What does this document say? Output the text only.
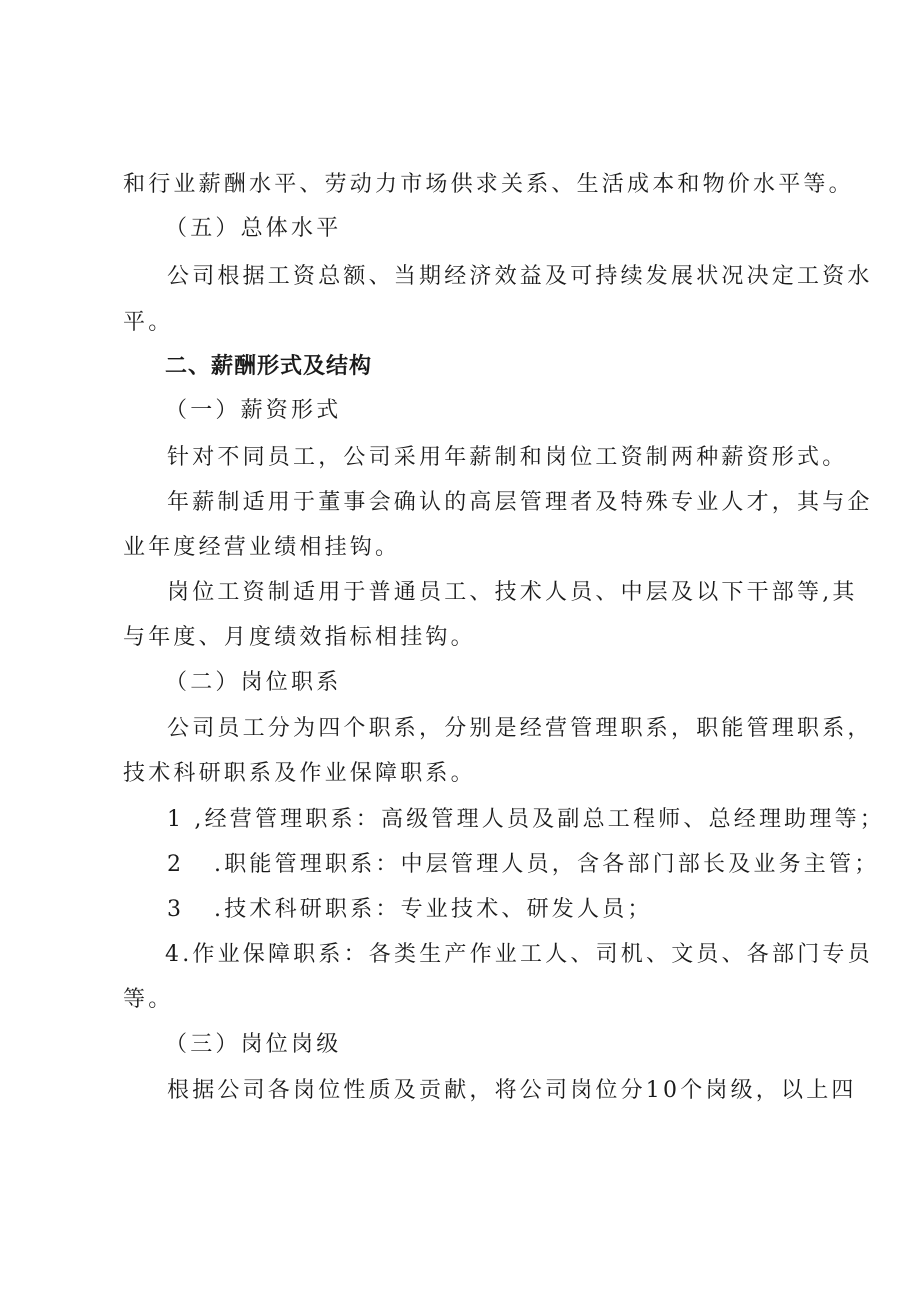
和行业薪酬水平、劳动力市场供求关系、生活成本和物价水平等。
（五）总体水平
公司根据工资总额、当期经济效益及可持续发展状况决定工资水
平。
二、薪酬形式及结构
（一）薪资形式
针对不同员工，公司采用年薪制和岗位工资制两种薪资形式。
年薪制适用于董事会确认的高层管理者及特殊专业人才，其与企
业年度经营业绩相挂钩。
岗位工资制适用于普通员工、技术人员、中层及以下干部等,其
与年度、月度绩效指标相挂钩。
（二）岗位职系
公司员工分为四个职系，分别是经营管理职系，职能管理职系，
技术科研职系及作业保障职系。
1 ,经营管理职系：高级管理人员及副总工程师、总经理助理等；
2 .职能管理职系：中层管理人员，含各部门部长及业务主管；
3 .技术科研职系：专业技术、研发人员；
4.作业保障职系：各类生产作业工人、司机、文员、各部门专员
等。
（三）岗位岗级
根据公司各岗位性质及贡献，将公司岗位分10个岗级，以上四
